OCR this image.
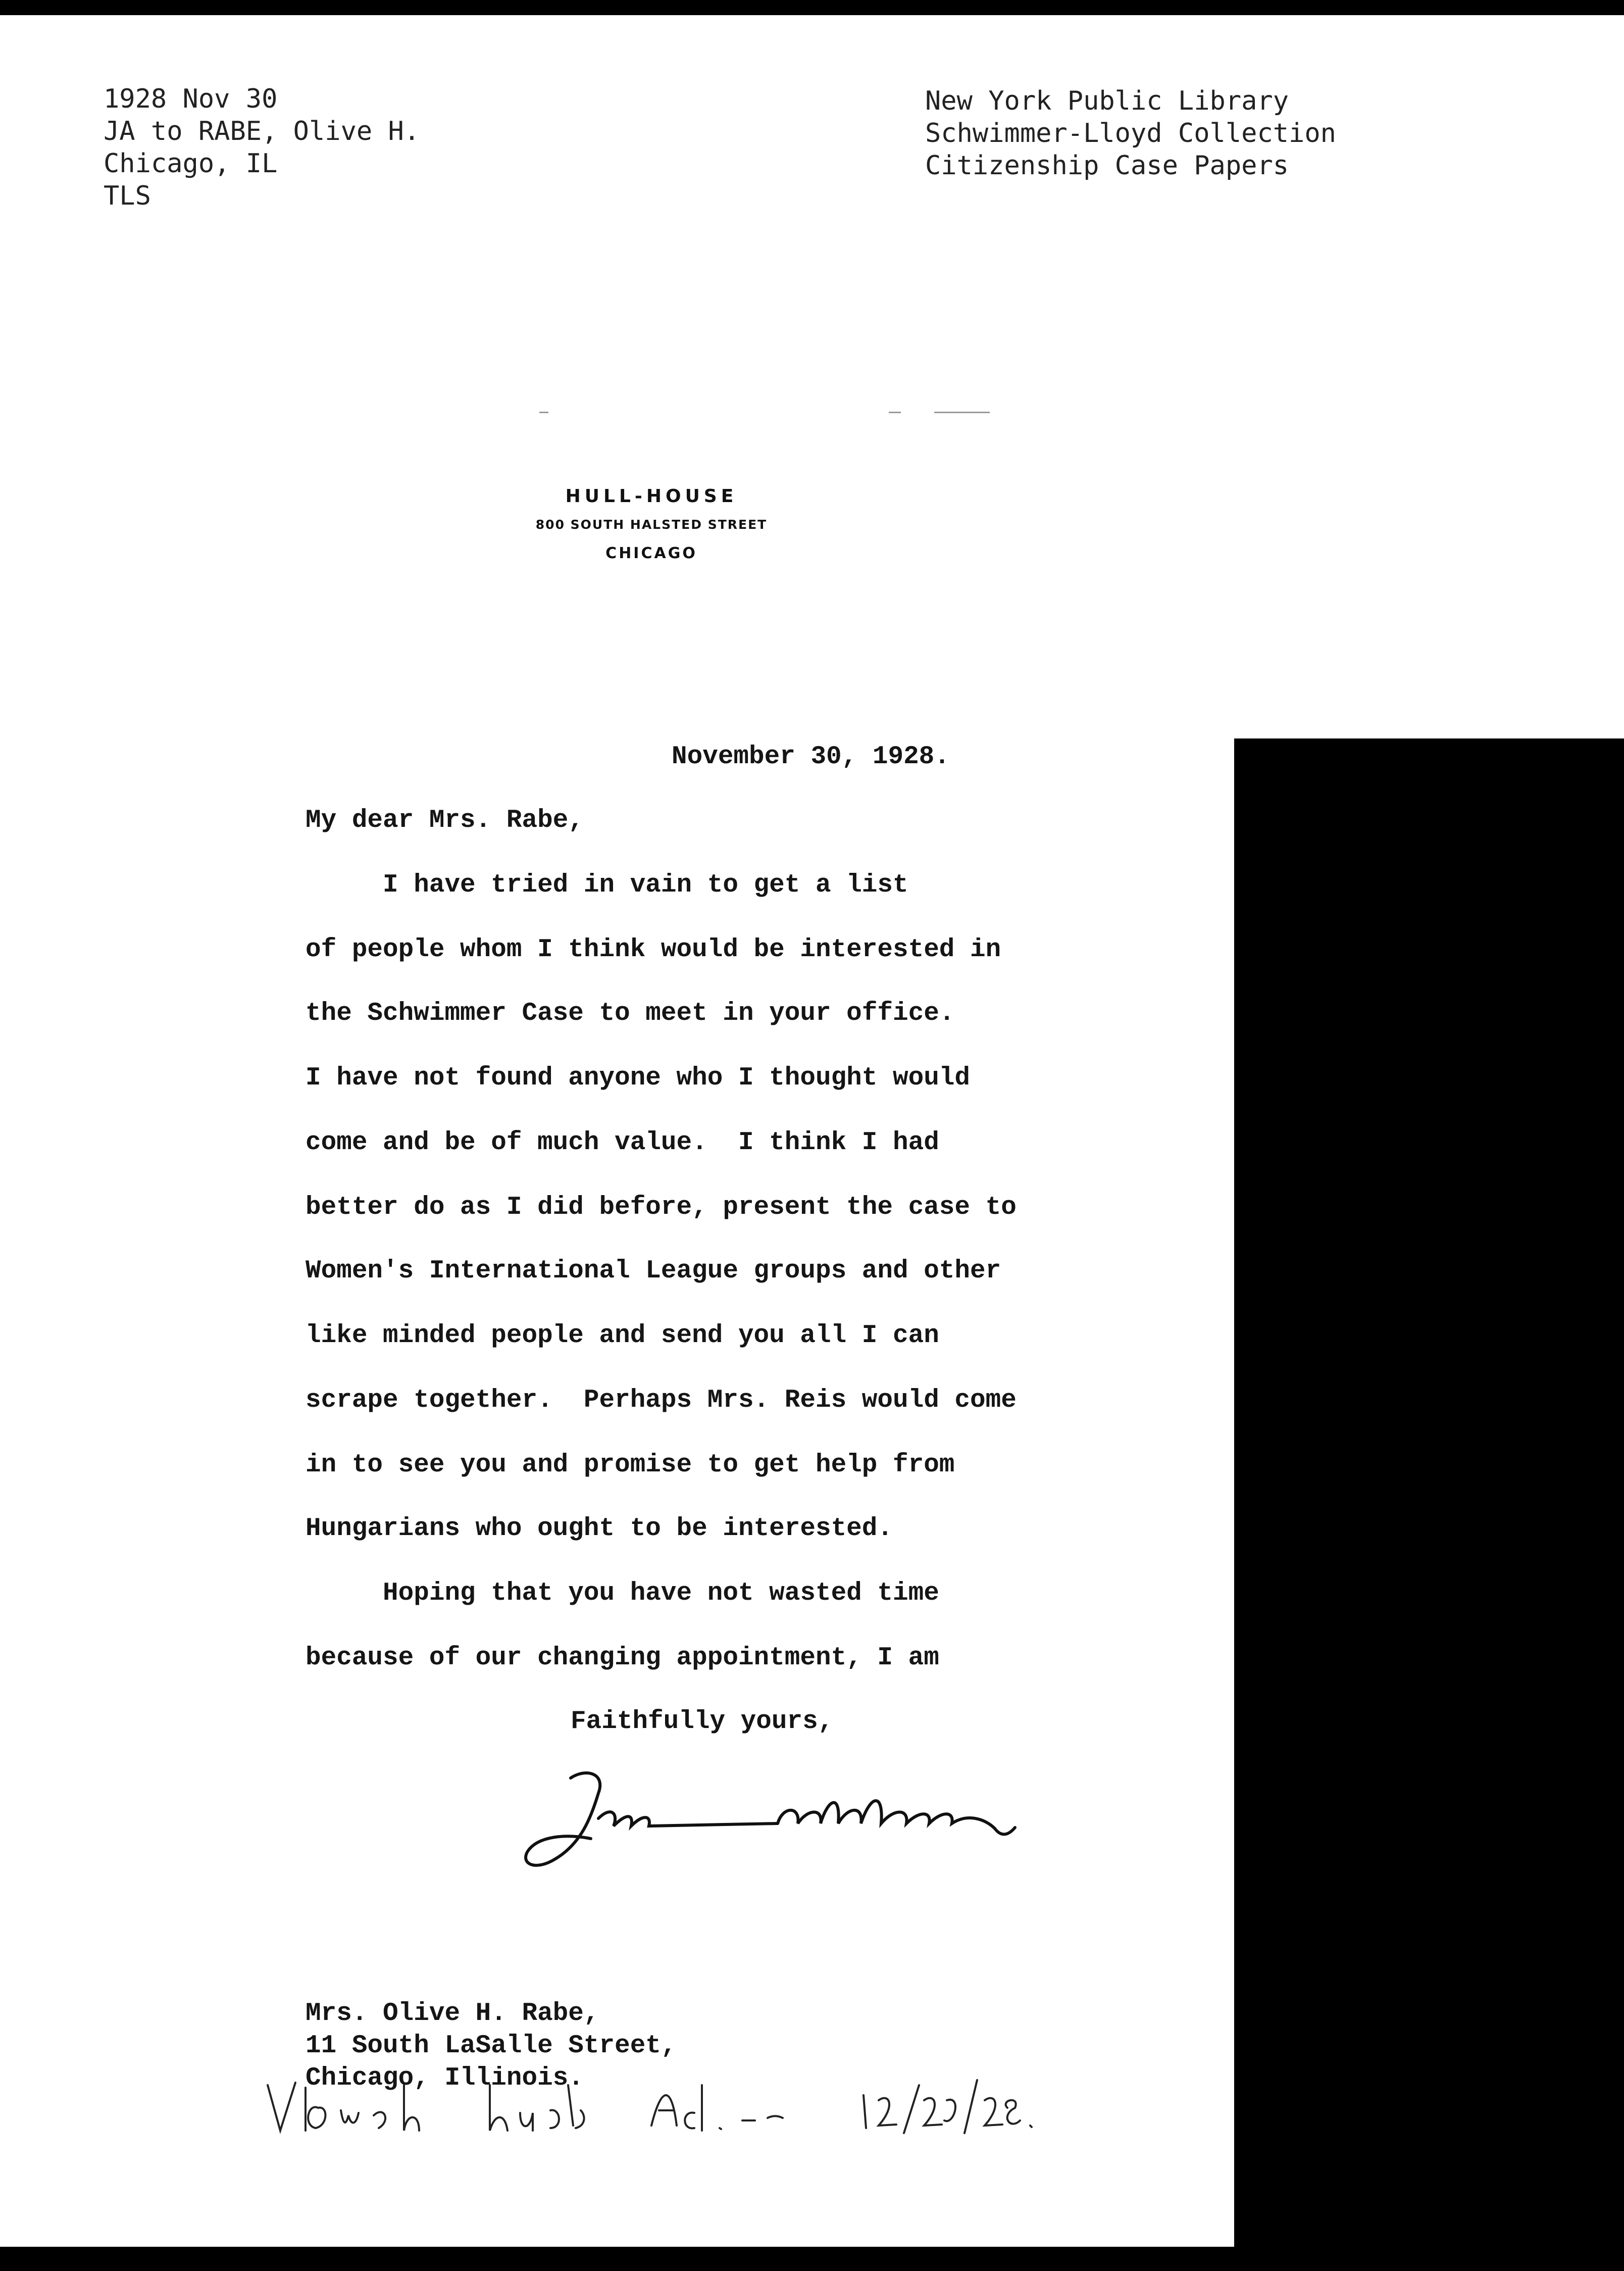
1928 Nov 30
JA to RABE, Olive H.
Chicago, IL
TLS
New York Public Library
Schwimmer-Lloyd Collection
Citizenship Case Papers
HULL-HOUSE
800 SOUTH HALSTED STREET
CHICAGO
November 30, 1928.
My dear Mrs. Rabe,
I have tried in vain to get a list
of people whom I think would be interested in
the Schwimmer Case to meet in your office.
I have not found anyone who I thought would
come and be of much value.  I think I had
better do as I did before, present the case to
Women's International League groups and other
like minded people and send you all I can
scrape together.  Perhaps Mrs. Reis would come
in to see you and promise to get help from
Hungarians who ought to be interested.
Hoping that you have not wasted time
because of our changing appointment, I am
Faithfully yours,
Mrs. Olive H. Rabe,
11 South LaSalle Street,
Chicago, Illinois.
